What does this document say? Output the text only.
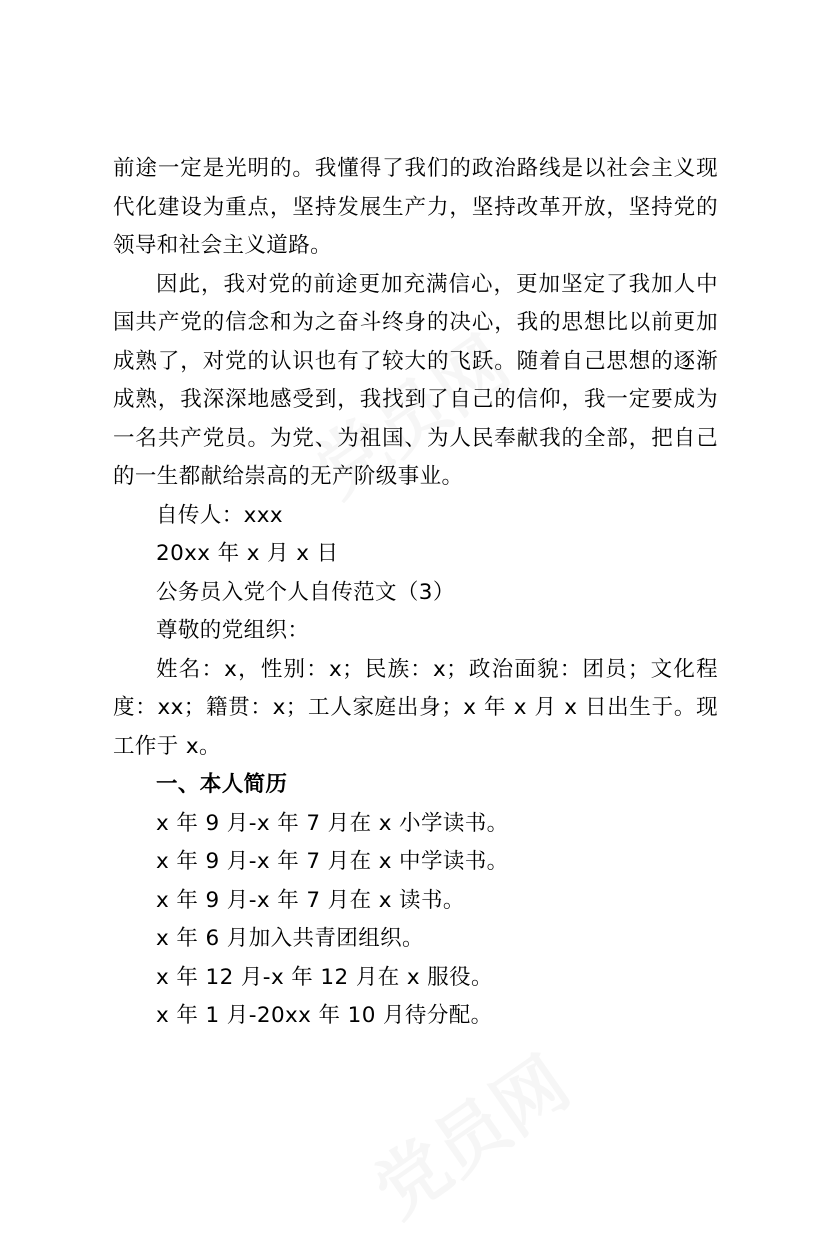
前途一定是光明的。我懂得了我们的政治路线是以社会主义现代化建设为重点，坚持发展生产力，坚持改革开放，坚持党的领导和社会主义道路。

因此，我对党的前途更加充满信心，更加坚定了我加人中国共产党的信念和为之奋斗终身的决心，我的思想比以前更加成熟了，对党的认识也有了较大的飞跃。随着自己思想的逐渐成熟，我深深地感受到，我找到了自己的信仰，我一定要成为一名共产党员。为党、为祖国、为人民奉献我的全部，把自己的一生都献给崇高的无产阶级事业。

自传人：xxx

20xx 年 x 月 x 日

公务员入党个人自传范文（3）

尊敬的党组织：

姓名：x，性别：x；民族：x；政治面貌：团员；文化程度：xx；籍贯：x；工人家庭出身；x 年 x 月 x 日出生于。现工作于 x。

一、本人简历

x 年 9 月-x 年 7 月在 x 小学读书。

x 年 9 月-x 年 7 月在 x 中学读书。

x 年 9 月-x 年 7 月在 x 读书。

x 年 6 月加入共青团组织。

x 年 12 月-x 年 12 月在 x 服役。

x 年 1 月-20xx 年 10 月待分配。
